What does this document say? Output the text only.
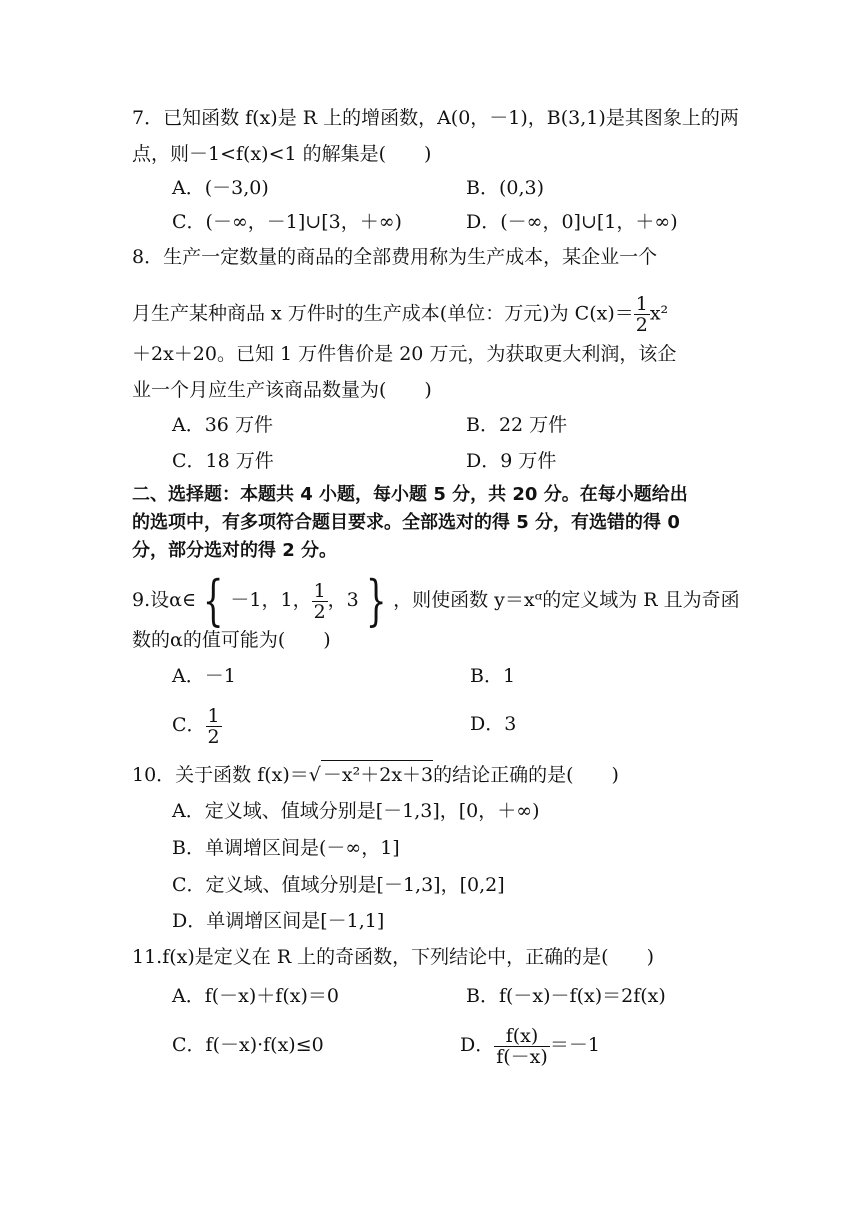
7．已知函数 f(x)是 R 上的增函数，A(0，－1)，B(3,1)是其图象上的两
点，则－1<f(x)<1 的解集是(　　)
A．(－3,0)	B．(0,3)
C．(－∞，－1]∪[3，＋∞)	D．(－∞，0]∪[1，＋∞)
8．生产一定数量的商品的全部费用称为生产成本，某企业一个
月生产某种商品 x 万件时的生产成本(单位：万元)为 $C(x)= \frac{1}{2} x^2$
＋2x＋20。已知 1 万件售价是 20 万元，为获取更大利润，该企
业一个月应生产该商品数量为(　　)
A．36 万件	B．22 万件
C．18 万件	D．9 万件
二、选择题：本题共 4 小题，每小题 5 分，共 20 分。在每小题给出
的选项中，有多项符合题目要求。全部选对的得 5 分，有选错的得 0
分，部分选对的得 2 分。
9.设α∈ { －1，1， $\frac{1}{2}$ ，3 } ，则使函数 y＝xᵅ的定义域为 R 且为奇函
数的α的值可能为(　　)
A．－1	B．1
C． $\frac{1}{2}$	D．3
10．关于函数 f(x)＝√ －x²＋2x＋3的结论正确的是(　　)
A．定义域、值域分别是[－1,3]，[0，＋∞)
B．单调增区间是(－∞，1]
C．定义域、值域分别是[－1,3]，[0,2]
D．单调增区间是[－1,1]
11.f(x)是定义在 R 上的奇函数，下列结论中，正确的是(　　)
A．f(－x)＋f(x)＝0	B．f(－x)－f(x)＝2f(x)
C．f(－x)·f(x)≤0	D． $\frac{f(x)}{f(-x)} =-1$
